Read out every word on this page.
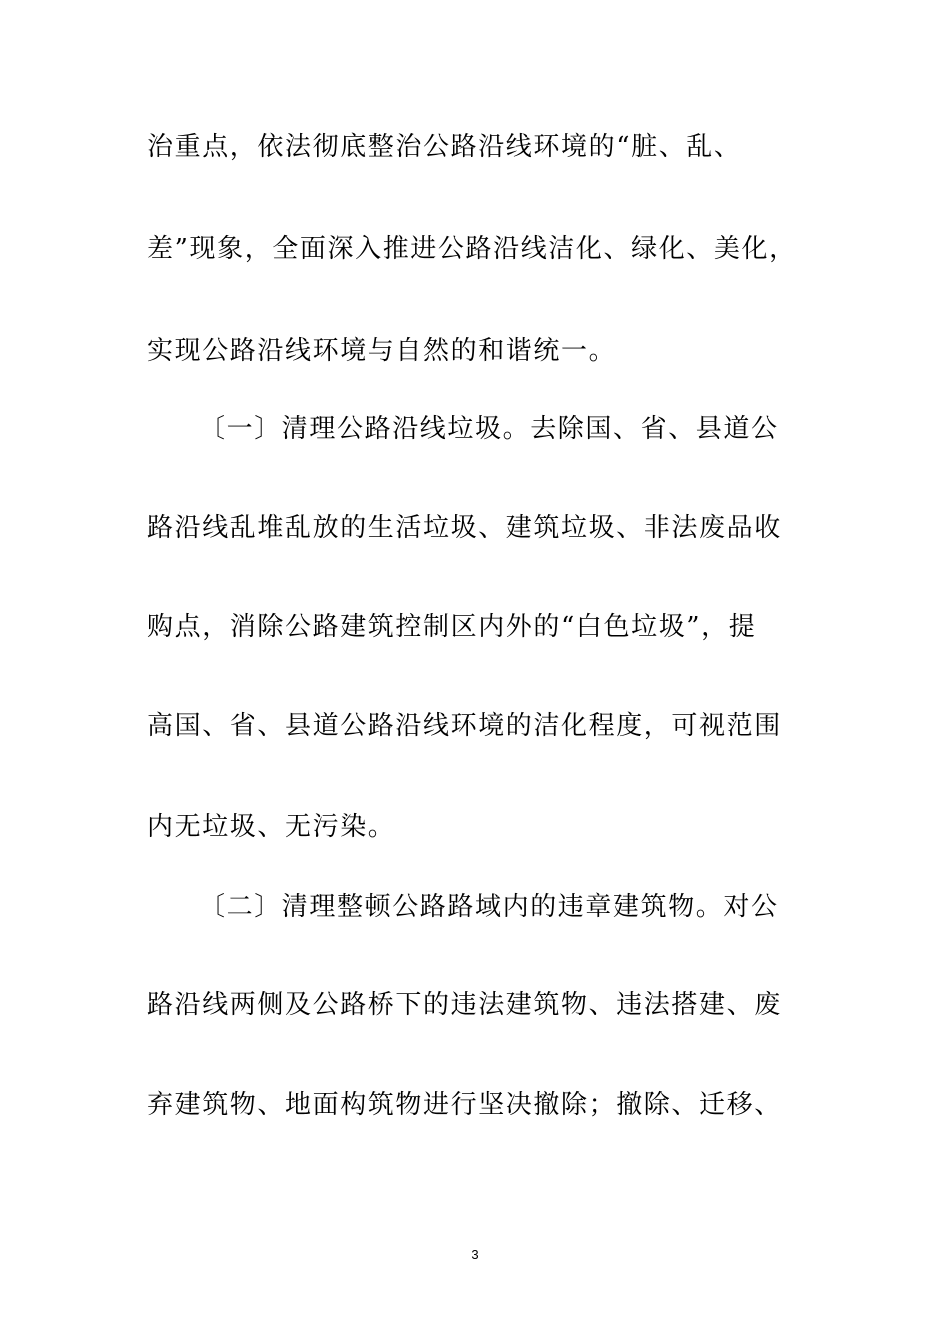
治重点，依法彻底整治公路沿线环境的“脏、乱、
差”现象，全面深入推进公路沿线洁化、绿化、美化，
实现公路沿线环境与自然的和谐统一。
〔一〕清理公路沿线垃圾。去除国、省、县道公
路沿线乱堆乱放的生活垃圾、建筑垃圾、非法废品收
购点，消除公路建筑控制区内外的“白色垃圾”，提
高国、省、县道公路沿线环境的洁化程度，可视范围
内无垃圾、无污染。
〔二〕清理整顿公路路域内的违章建筑物。对公
路沿线两侧及公路桥下的违法建筑物、违法搭建、废
弃建筑物、地面构筑物进行坚决撤除；撤除、迁移、
3
